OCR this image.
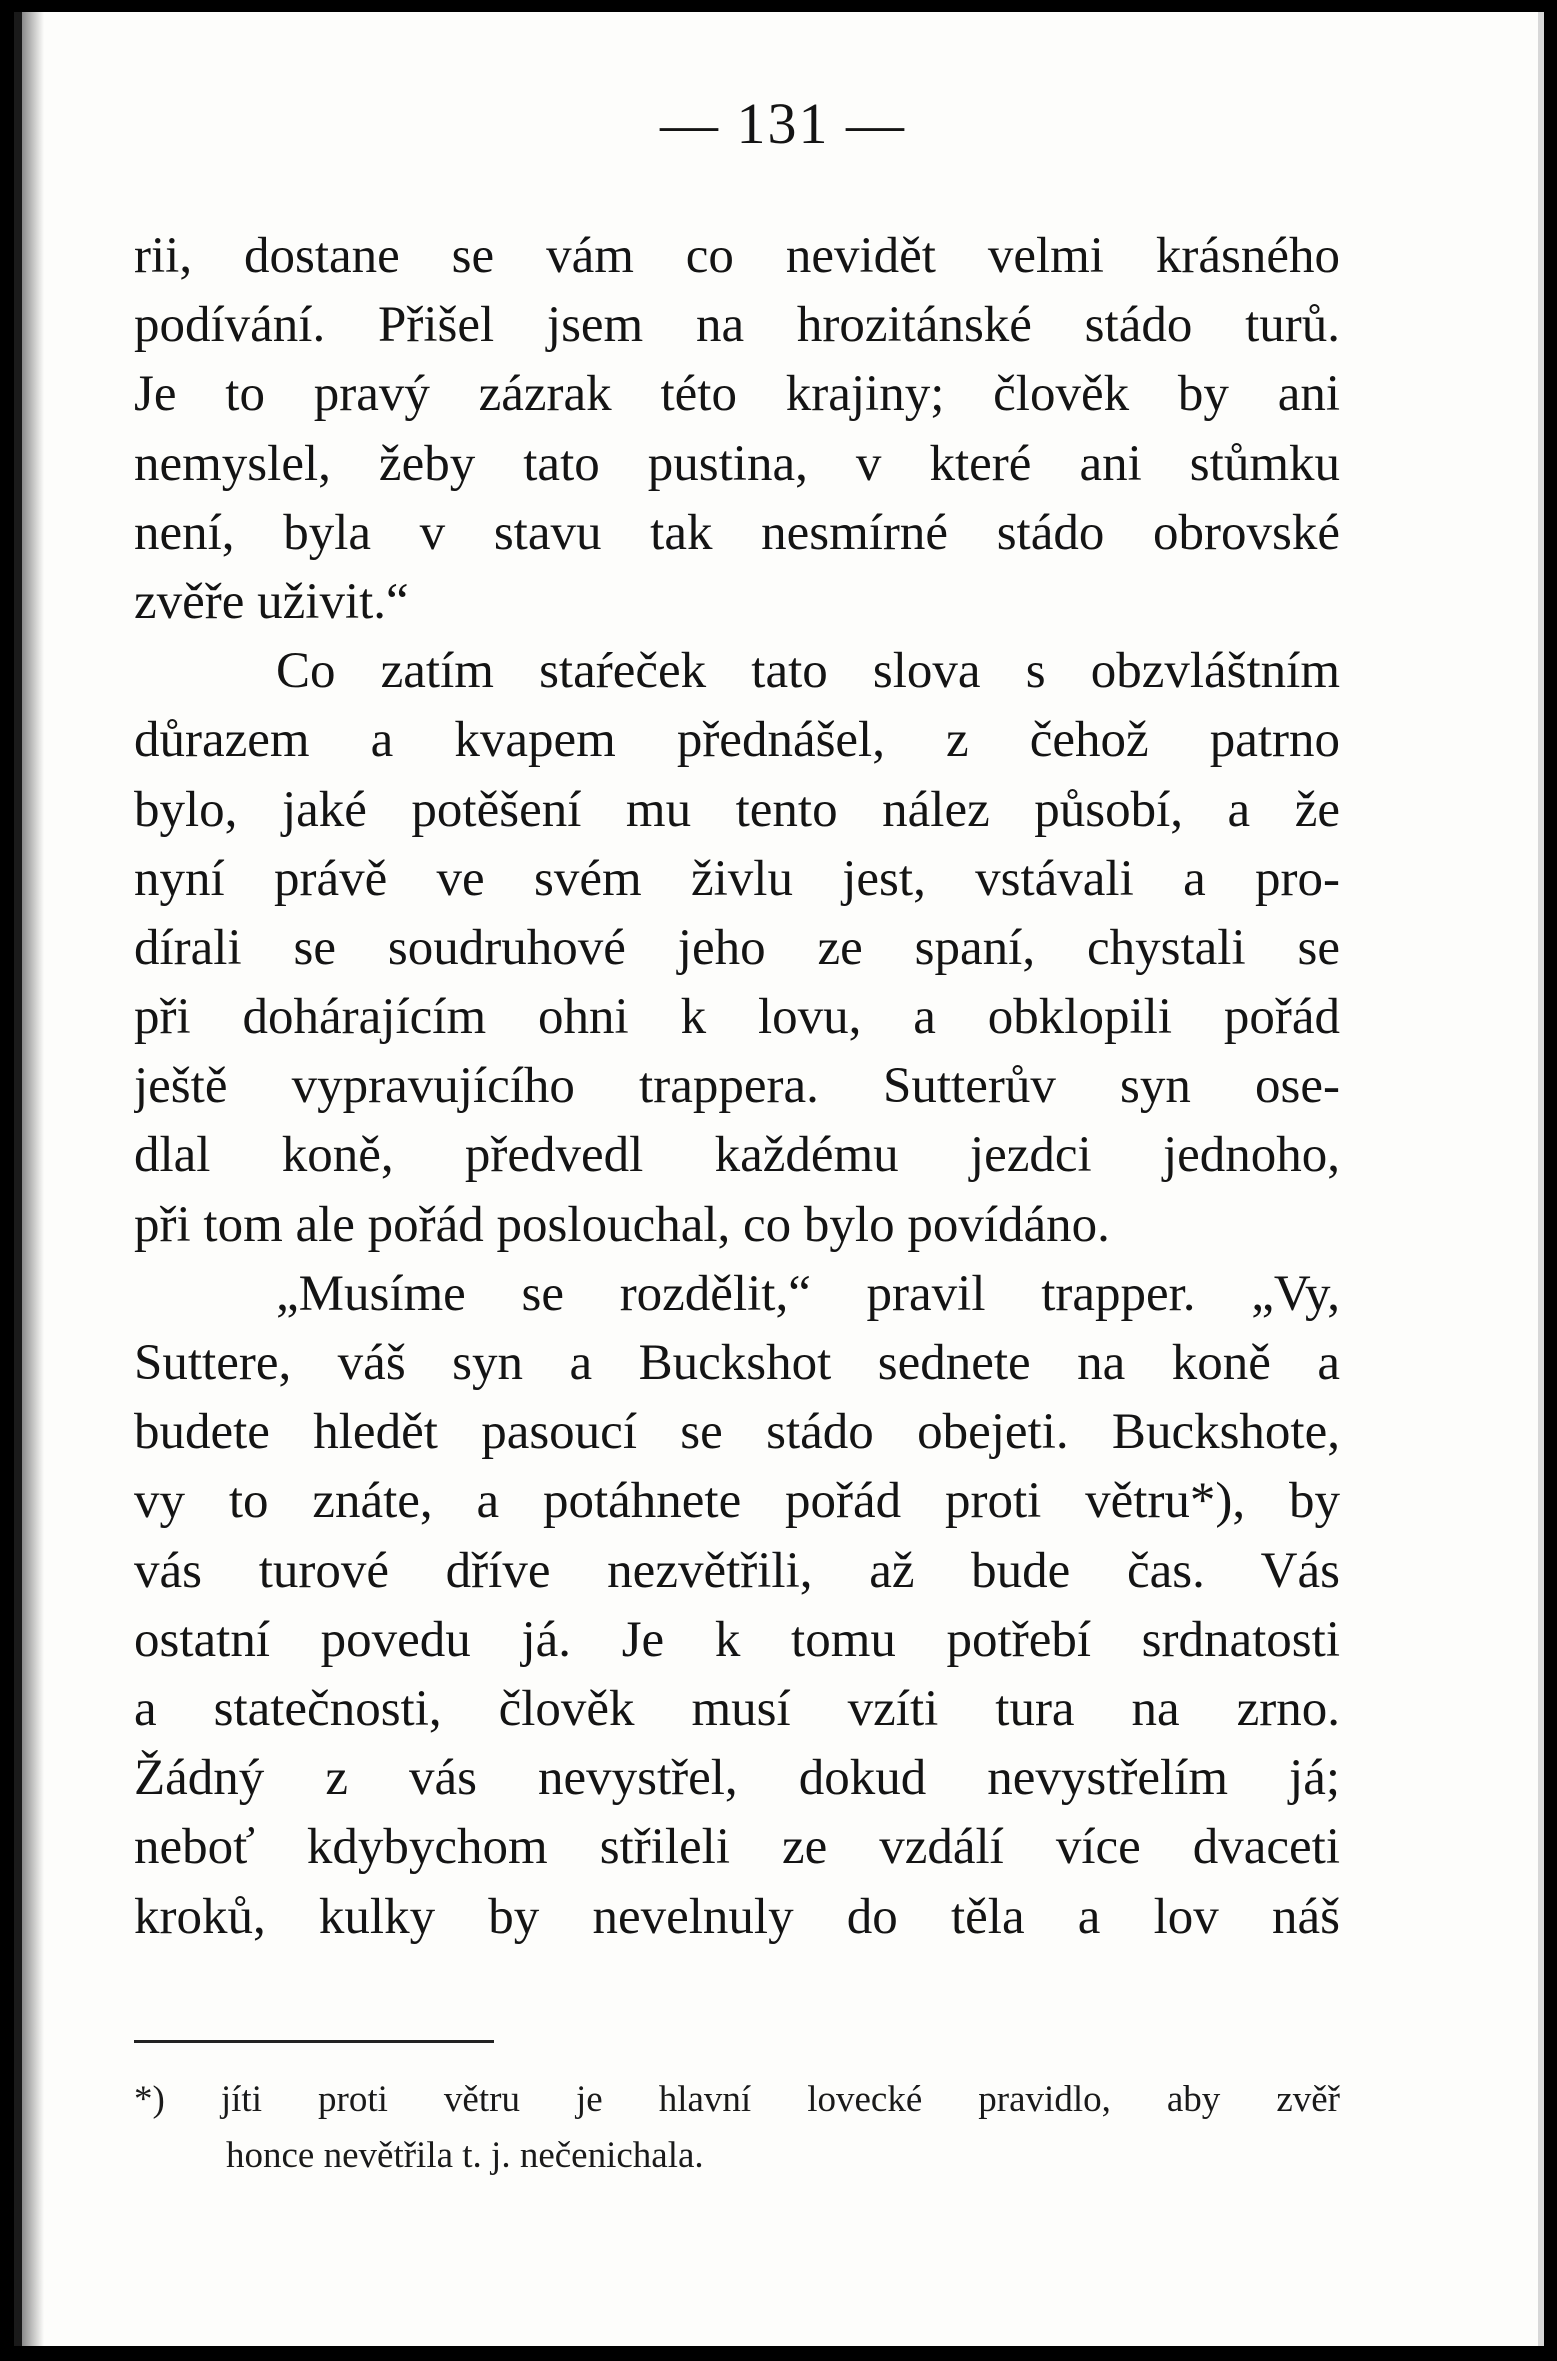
— 131 —
rii, dostane se vám co nevidět velmi krásného
podívání. Přišel jsem na hrozitánské stádo turů.
Je to pravý zázrak této krajiny; člověk by ani
nemyslel, žeby tato pustina, v které ani stůmku
není, byla v stavu tak nesmírné stádo obrovské
zvěře uživit.“
Co zatím staŕeček tato slova s obzvláštním
důrazem a kvapem přednášel, z čehož patrno
bylo, jaké potěšení mu tento nález působí, a že
nyní právě ve svém živlu jest, vstávali a pro-
dírali se soudruhové jeho ze spaní, chystali se
při dohárajícím ohni k lovu, a obklopili pořád
ještě vypravujícího trappera. Sutterův syn ose-
dlal koně, předvedl každému jezdci jednoho,
při tom ale pořád poslouchal, co bylo povídáno.
„Musíme se rozdělit,“ pravil trapper. „Vy,
Suttere, váš syn a Buckshot sednete na koně a
budete hledět pasoucí se stádo obejeti. Buckshote,
vy to znáte, a potáhnete pořád proti větru*), by
vás turové dříve nezvětřili, až bude čas. Vás
ostatní povedu já. Je k tomu potřebí srdnatosti
a statečnosti, člověk musí vzíti tura na zrno.
Žádný z vás nevystřel, dokud nevystřelím já;
neboť kdybychom střileli ze vzdálí více dvaceti
kroků, kulky by nevelnuly do těla a lov náš
*) jíti proti větru je hlavní lovecké pravidlo, aby zvěř
honce nevětřila t. j. nečenichala.
